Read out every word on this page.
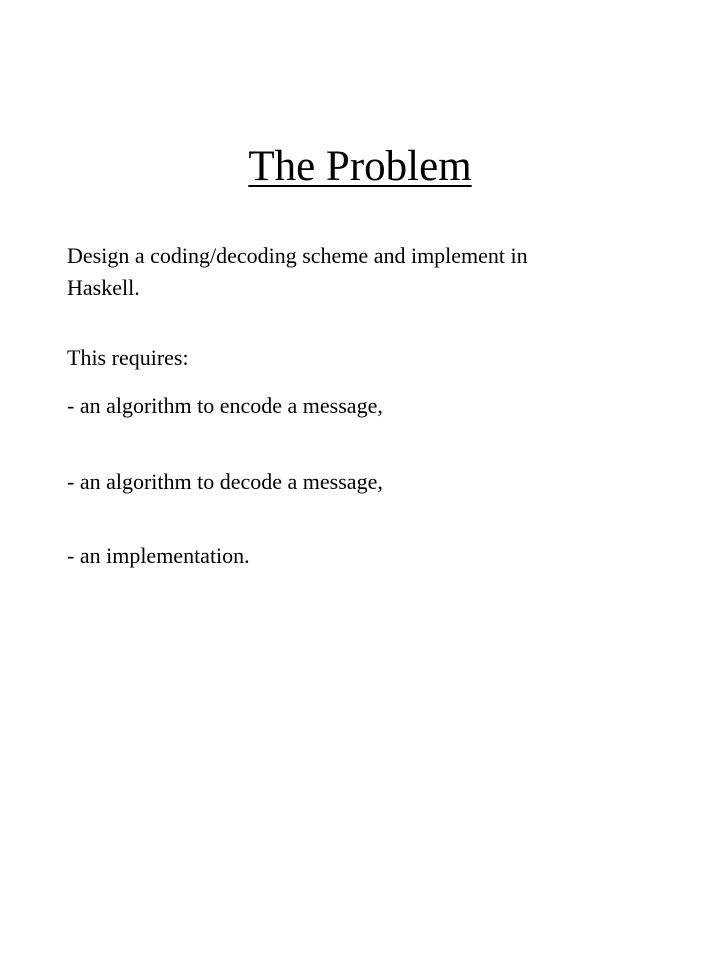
The Problem
Design a coding/decoding scheme and implement in
Haskell.
This requires:
- an algorithm to encode a message,
- an algorithm to decode a message,
- an implementation.
